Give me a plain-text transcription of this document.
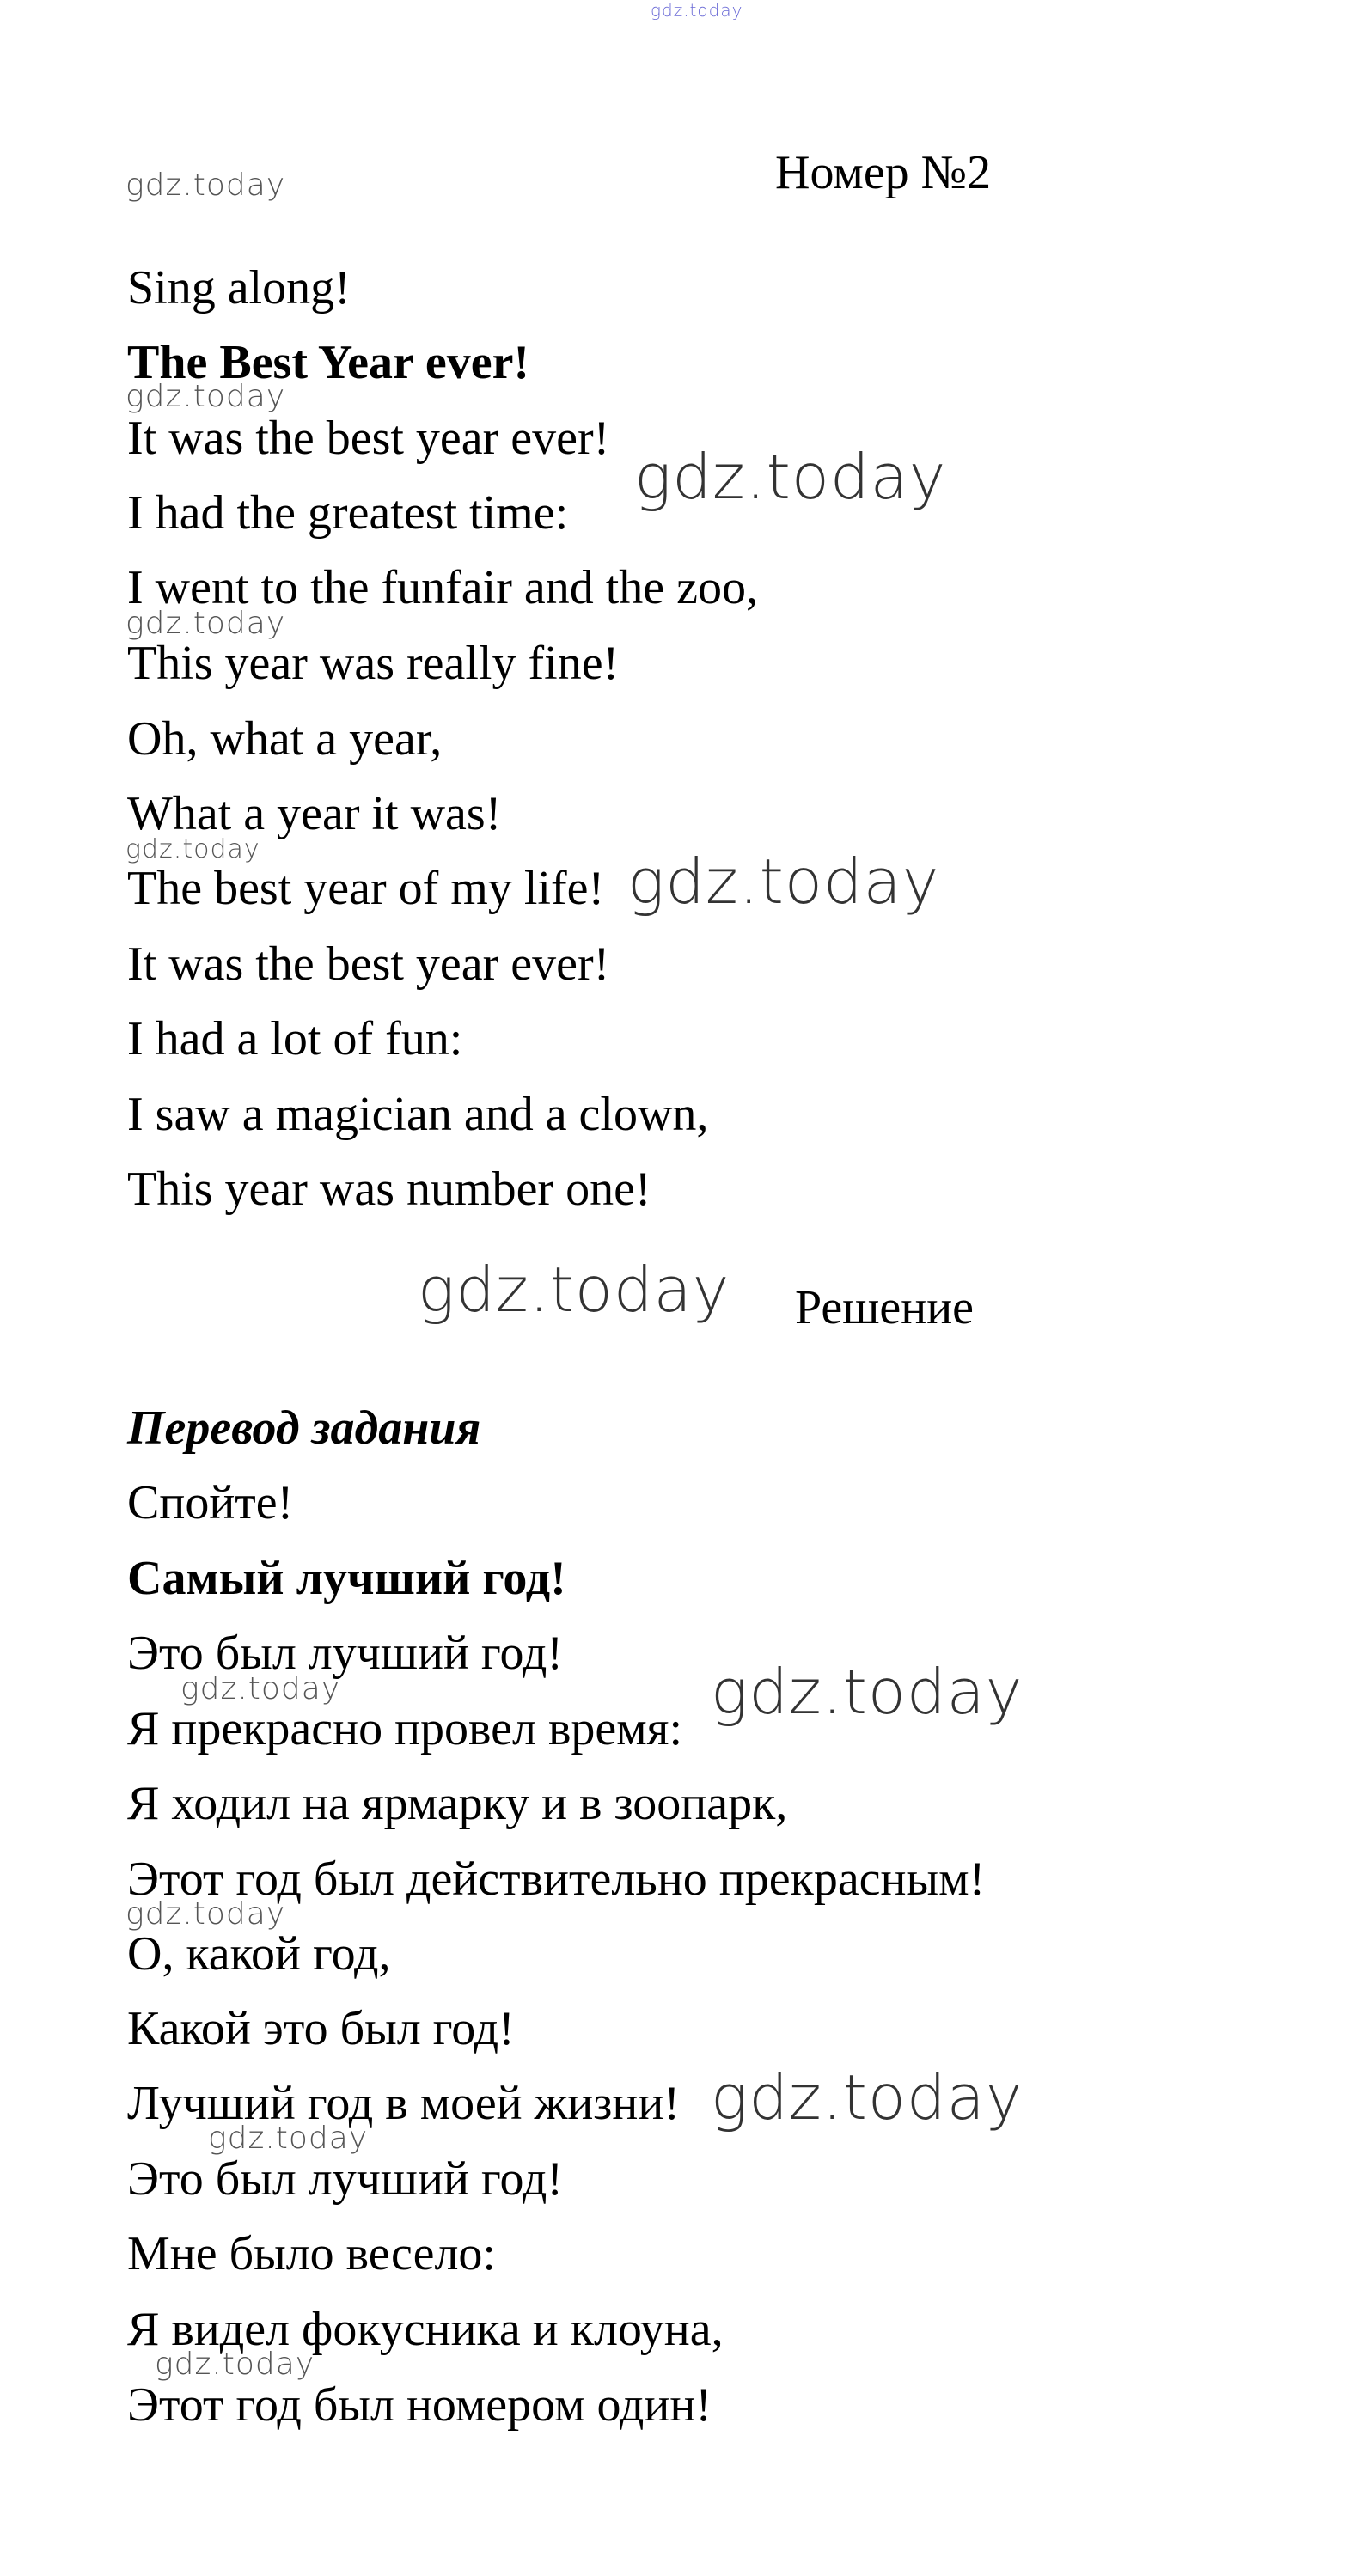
gdz.today
gdz.today	Номер №2
Sing along!
The Best Year ever!
gdz.today
It was the best year ever!
I had the greatest time: gdz.today
I went to the funfair and the zoo,
gdz.today
This year was really fine!
Oh, what a year,
What a year it was!
gdz.today
The best year of my life! gdz.today
It was the best year ever!
I had a lot of fun:
I saw a magician and a clown,
This year was number one!
gdz.today Решение
Перевод задания
Спойте!
Самый лучший год!
Это был лучший год!
gdz.today	gdz.today
Я прекрасно провел время:
Я ходил на ярмарку и в зоопарк,
Этот год был действительно прекрасным!
gdz.today
О, какой год,
Какой это был год!
Лучший год в моей жизни! gdz.today
gdz.today
Это был лучший год!
Мне было весело:
Я видел фокусника и клоуна,
gdz.today
Этот год был номером один!
